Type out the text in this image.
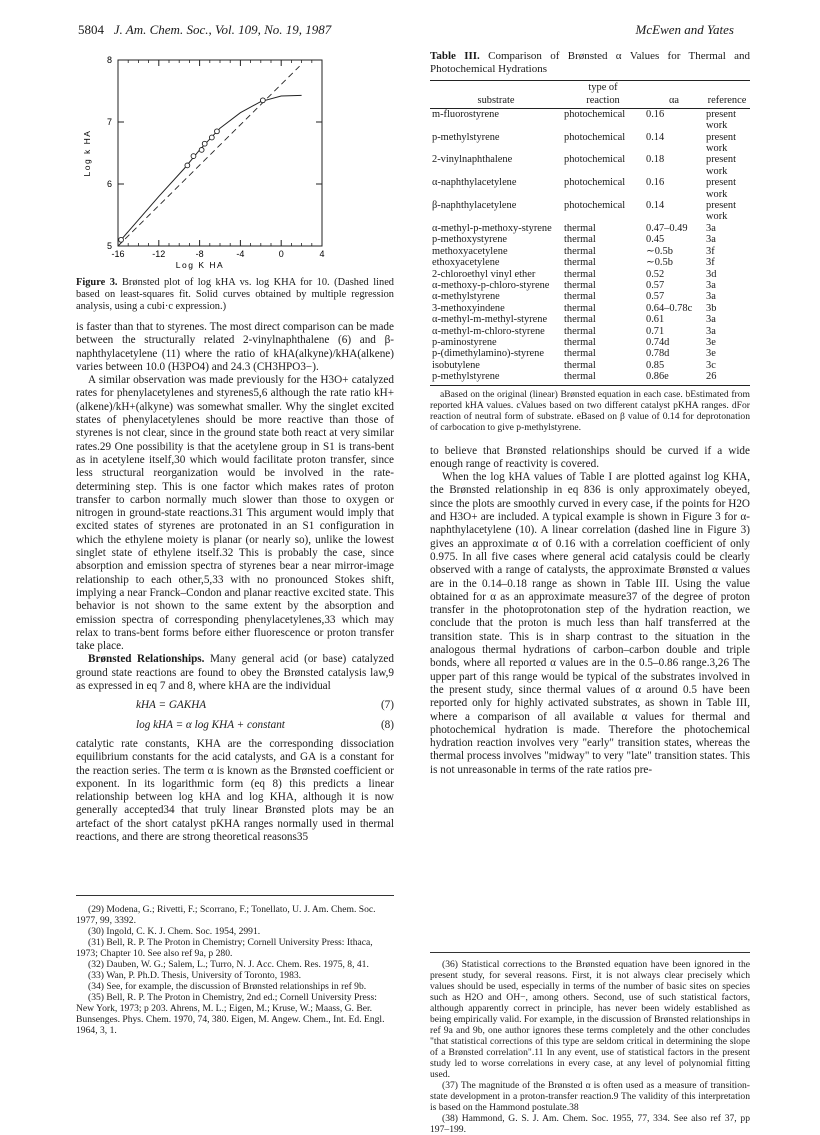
5804 J. Am. Chem. Soc., Vol. 109, No. 19, 1987	McEwen and Yates
-16	-12	-8	-4	0	4
5
6
7
8
Log K HA
Log k HA
Figure 3. Brønsted plot of log kHA vs. log KHA for 10. (Dashed lined based on least-squares fit. Solid curves obtained by multiple regression analysis, using a cubi·c expression.)

is faster than that to styrenes. The most direct comparison can be made between the structurally related 2-vinylnaphthalene (6) and β-naphthylacetylene (11) where the ratio of kHA(alkyne)/kHA(alkene) varies between 10.0 (H3PO4) and 24.3 (CH3HPO3−).

A similar observation was made previously for the H3O+ catalyzed rates for phenylacetylenes and styrenes5,6 although the rate ratio kH+(alkene)/kH+(alkyne) was somewhat smaller. Why the singlet excited states of phenylacetylenes should be more reactive than those of styrenes is not clear, since in the ground state both react at very similar rates.29 One possibility is that the acetylene group in S1 is trans-bent as in acetylene itself,30 which would facilitate proton transfer, since less structural reorganization would be involved in the rate-determining step. This is one factor which makes rates of proton transfer to carbon normally much slower than those to oxygen or nitrogen in ground-state reactions.31 This argument would imply that excited states of styrenes are protonated in an S1 configuration in which the ethylene moiety is planar (or nearly so), unlike the lowest singlet state of ethylene itself.32 This is probably the case, since absorption and emission spectra of styrenes bear a near mirror-image relationship to each other,5,33 with no pronounced Stokes shift, implying a near Franck–Condon and planar reactive excited state. This behavior is not shown to the same extent by the absorption and emission spectra of corresponding phenylacetylenes,33 which may relax to trans-bent forms before either fluorescence or proton transfer take place.

Brønsted Relationships. Many general acid (or base) catalyzed ground state reactions are found to obey the Brønsted catalysis law,9 as expressed in eq 7 and 8, where kHA are the individual

kHA = GAKHA	(7)
log kHA = α log KHA + constant	(8)

catalytic rate constants, KHA are the corresponding dissociation equilibrium constants for the acid catalysts, and GA is a constant for the reaction series. The term α is known as the Brønsted coefficient or exponent. In its logarithmic form (eq 8) this predicts a linear relationship between log kHA and log KHA, although it is now generally accepted34 that truly linear Brønsted plots may be an artefact of the short catalyst pKHA ranges normally used in thermal reactions, and there are strong theoretical reasons35

(29) Modena, G.; Rivetti, F.; Scorrano, F.; Tonellato, U. J. Am. Chem. Soc. 1977, 99, 3392.
(30) Ingold, C. K. J. Chem. Soc. 1954, 2991.
(31) Bell, R. P. The Proton in Chemistry; Cornell University Press: Ithaca, 1973; Chapter 10. See also ref 9a, p 280.
(32) Dauben, W. G.; Salem, L.; Turro, N. J. Acc. Chem. Res. 1975, 8, 41.
(33) Wan, P. Ph.D. Thesis, University of Toronto, 1983.
(34) See, for example, the discussion of Brønsted relationships in ref 9b.
(35) Bell, R. P. The Proton in Chemistry, 2nd ed.; Cornell University Press: New York, 1973; p 203. Ahrens, M. L.; Eigen, M.; Kruse, W.; Maass, G. Ber. Bunsenges. Phys. Chem. 1970, 74, 380. Eigen, M. Angew. Chem., Int. Ed. Engl. 1964, 3, 1.
Table III. Comparison of Brønsted α Values for Thermal and Photochemical Hydrations
	type of		
substrate	reaction	αa	reference
m-fluorostyrene	photochemical	0.16	present work
p-methylstyrene	photochemical	0.14	present work
2-vinylnaphthalene	photochemical	0.18	present work
α-naphthylacetylene	photochemical	0.16	present work
β-naphthylacetylene	photochemical	0.14	present work
α-methyl-p-methoxy-styrene	thermal	0.47–0.49	3a
p-methoxystyrene	thermal	0.45	3a
methoxyacetylene	thermal	∼0.5b	3f
ethoxyacetylene	thermal	∼0.5b	3f
2-chloroethyl vinyl ether	thermal	0.52	3d
α-methoxy-p-chloro-styrene	thermal	0.57	3a
α-methylstyrene	thermal	0.57	3a
3-methoxyindene	thermal	0.64–0.78c	3b
α-methyl-m-methyl-styrene	thermal	0.61	3a
α-methyl-m-chloro-styrene	thermal	0.71	3a
p-aminostyrene	thermal	0.74d	3e
p-(dimethylamino)-styrene	thermal	0.78d	3e
isobutylene	thermal	0.85	3c
p-methylstyrene	thermal	0.86e	26
aBased on the original (linear) Brønsted equation in each case. bEstimated from reported kHA values. cValues based on two different catalyst pKHA ranges. dFor reaction of neutral form of substrate. eBased on β value of 0.14 for deprotonation of carbocation to give p-methylstyrene.

to believe that Brønsted relationships should be curved if a wide enough range of reactivity is covered.

When the log kHA values of Table I are plotted against log KHA, the Brønsted relationship in eq 836 is only approximately obeyed, since the plots are smoothly curved in every case, if the points for H2O and H3O+ are included. A typical example is shown in Figure 3 for α-naphthylacetylene (10). A linear correlation (dashed line in Figure 3) gives an approximate α of 0.16 with a correlation coefficient of only 0.975. In all five cases where general acid catalysis could be clearly observed with a range of catalysts, the approximate Brønsted α values are in the 0.14–0.18 range as shown in Table III. Using the value obtained for α as an approximate measure37 of the degree of proton transfer in the photoprotonation step of the hydration reaction, we conclude that the proton is much less than half transferred at the transition state. This is in sharp contrast to the situation in the analogous thermal hydrations of carbon–carbon double and triple bonds, where all reported α values are in the 0.5–0.86 range.3,26 The upper part of this range would be typical of the substrates involved in the present study, since thermal values of α around 0.5 have been reported only for highly activated substrates, as shown in Table III, where a comparison of all available α values for thermal and photochemical hydration is made. Therefore the photochemical hydration reaction involves very "early" transition states, whereas the thermal process involves "midway" to very "late" transition states. This is not unreasonable in terms of the rate ratios pre-

(36) Statistical corrections to the Brønsted equation have been ignored in the present study, for several reasons. First, it is not always clear precisely which values should be used, especially in terms of the number of basic sites on species such as H2O and OH−, among others. Second, use of such statistical factors, although apparently correct in principle, has never been widely established as being empirically valid. For example, in the discussion of Brønsted relationships in ref 9a and 9b, one author ignores these terms completely and the other concludes "that statistical corrections of this type are seldom critical in determining the slope of a Brønsted correlation".11 In any event, use of statistical factors in the present study led to worse correlations in every case, at any level of polynomial fitting used.
(37) The magnitude of the Brønsted α is often used as a measure of transition-state development in a proton-transfer reaction.9 The validity of this interpretation is based on the Hammond postulate.38
(38) Hammond, G. S. J. Am. Chem. Soc. 1955, 77, 334. See also ref 37, pp 197–199.
